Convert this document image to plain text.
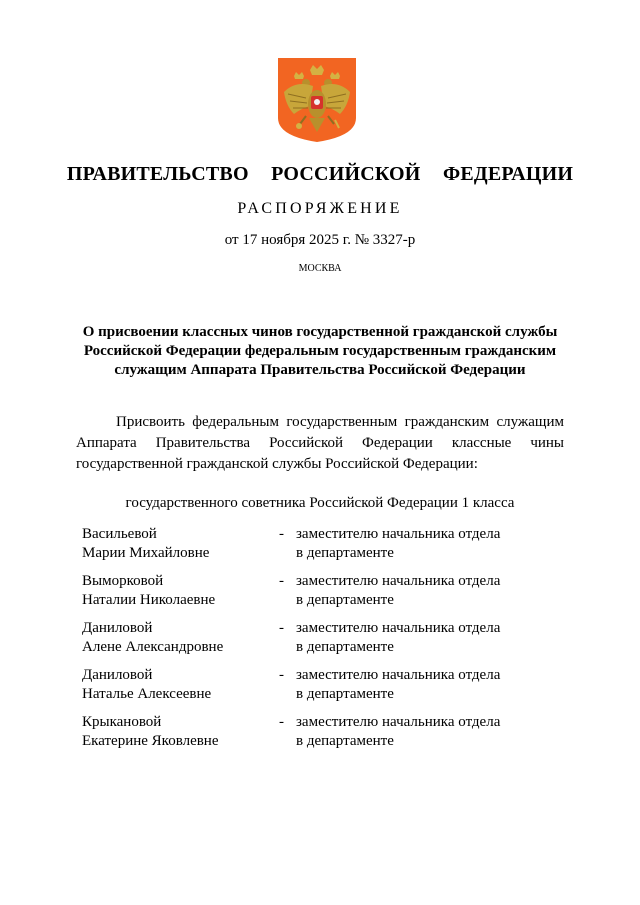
ПРАВИТЕЛЬСТВО  РОССИЙСКОЙ  ФЕДЕРАЦИИ
РАСПОРЯЖЕНИЕ
от 17 ноября 2025 г. № 3327-р
МОСКВА
О присвоении классных чинов государственной гражданской службы Российской Федерации федеральным государственным гражданским служащим Аппарата Правительства Российской Федерации
Присвоить федеральным государственным гражданским служащим Аппарата Правительства Российской Федерации классные чины государственной гражданской службы Российской Федерации:
государственного советника Российской Федерации 1 класса
Васильевой
Марии Михайловне
- заместителю начальника отдела
в департаменте
Выморковой
Наталии Николаевне
- заместителю начальника отдела
в департаменте
Даниловой
Алене Александровне
- заместителю начальника отдела
в департаменте
Даниловой
Наталье Алексеевне
- заместителю начальника отдела
в департаменте
Крыкановой
Екатерине Яковлевне
- заместителю начальника отдела
в департаменте
